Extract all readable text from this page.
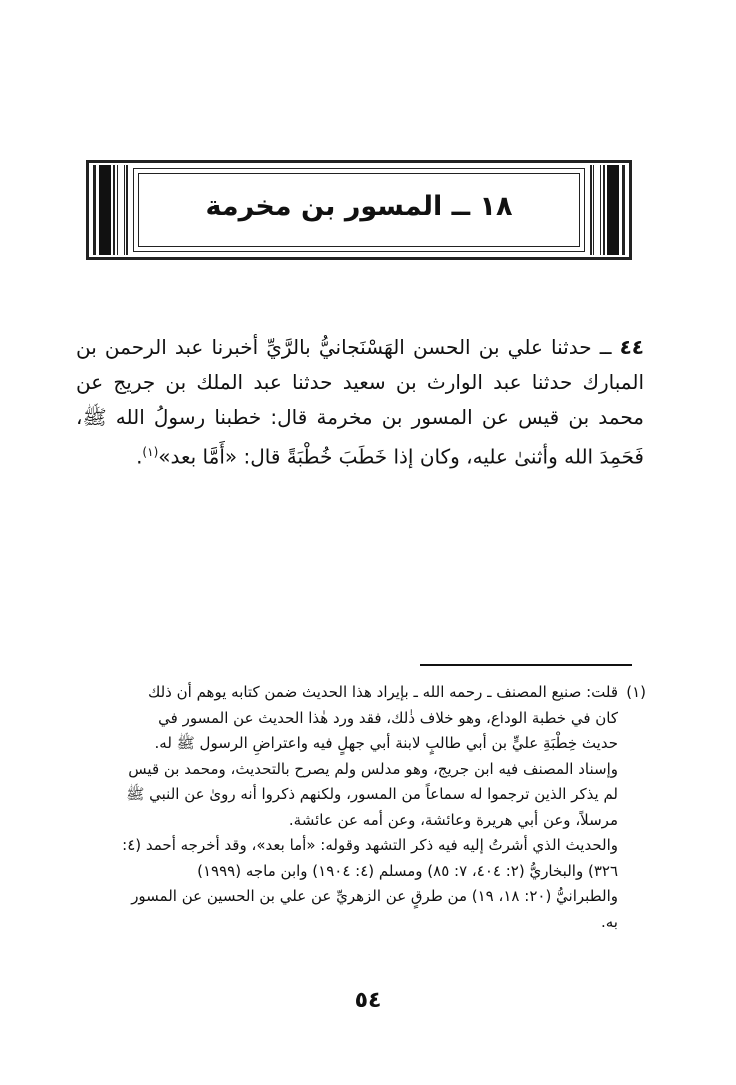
١٨ ــ المسور بن مخرمة
٤٤ ــ حدثنا علي بن الحسن الهَسْنَجانيُّ بالرَّيِّ أخبرنا عبد الرحمن بن المبارك حدثنا عبد الوارث بن سعيد حدثنا عبد الملك بن جريج عن محمد بن قيس عن المسور بن مخرمة قال: خطبنا رسولُ الله ﷺ، فَحَمِدَ الله وأثنىٰ عليه، وكان إذا خَطَبَ خُطْبَةً قال: «أَمَّا بعد»$^{(١)}$.
(١)قلت: صنيع المصنف ـ رحمه الله ـ بإيراد هذا الحديث ضمن كتابه يوهم أن ذلك
كان في خطبة الوداع، وهو خلاف ذٰلك، فقد ورد هٰذا الحديث عن المسور في
حديث خِطْبَةِ عليٍّ بن أبي طالبٍ لابنة أبي جهلٍ فيه واعتراضِ الرسول ﷺ له.
وإسناد المصنف فيه ابن جريج، وهو مدلس ولم يصرح بالتحديث، ومحمد بن قيس
لم يذكر الذين ترجموا له سماعاً من المسور، ولكنهم ذكروا أنه روىٰ عن النبي ﷺ
مرسلاً، وعن أبي هريرة وعائشة، وعن أمه عن عائشة.
والحديث الذي أشرتُ إليه فيه ذكر التشهد وقوله: «أما بعد»، وقد أخرجه أحمد (٤:
٣٢٦) والبخاريُّ (٢: ٤٠٤، ٧: ٨٥) ومسلم (٤: ١٩٠٤) وابن ماجه (١٩٩٩)
والطبرانيُّ (٢٠: ١٨، ١٩) من طرقٍ عن الزهريِّ عن علي بن الحسين عن المسور
به.
٥٤
